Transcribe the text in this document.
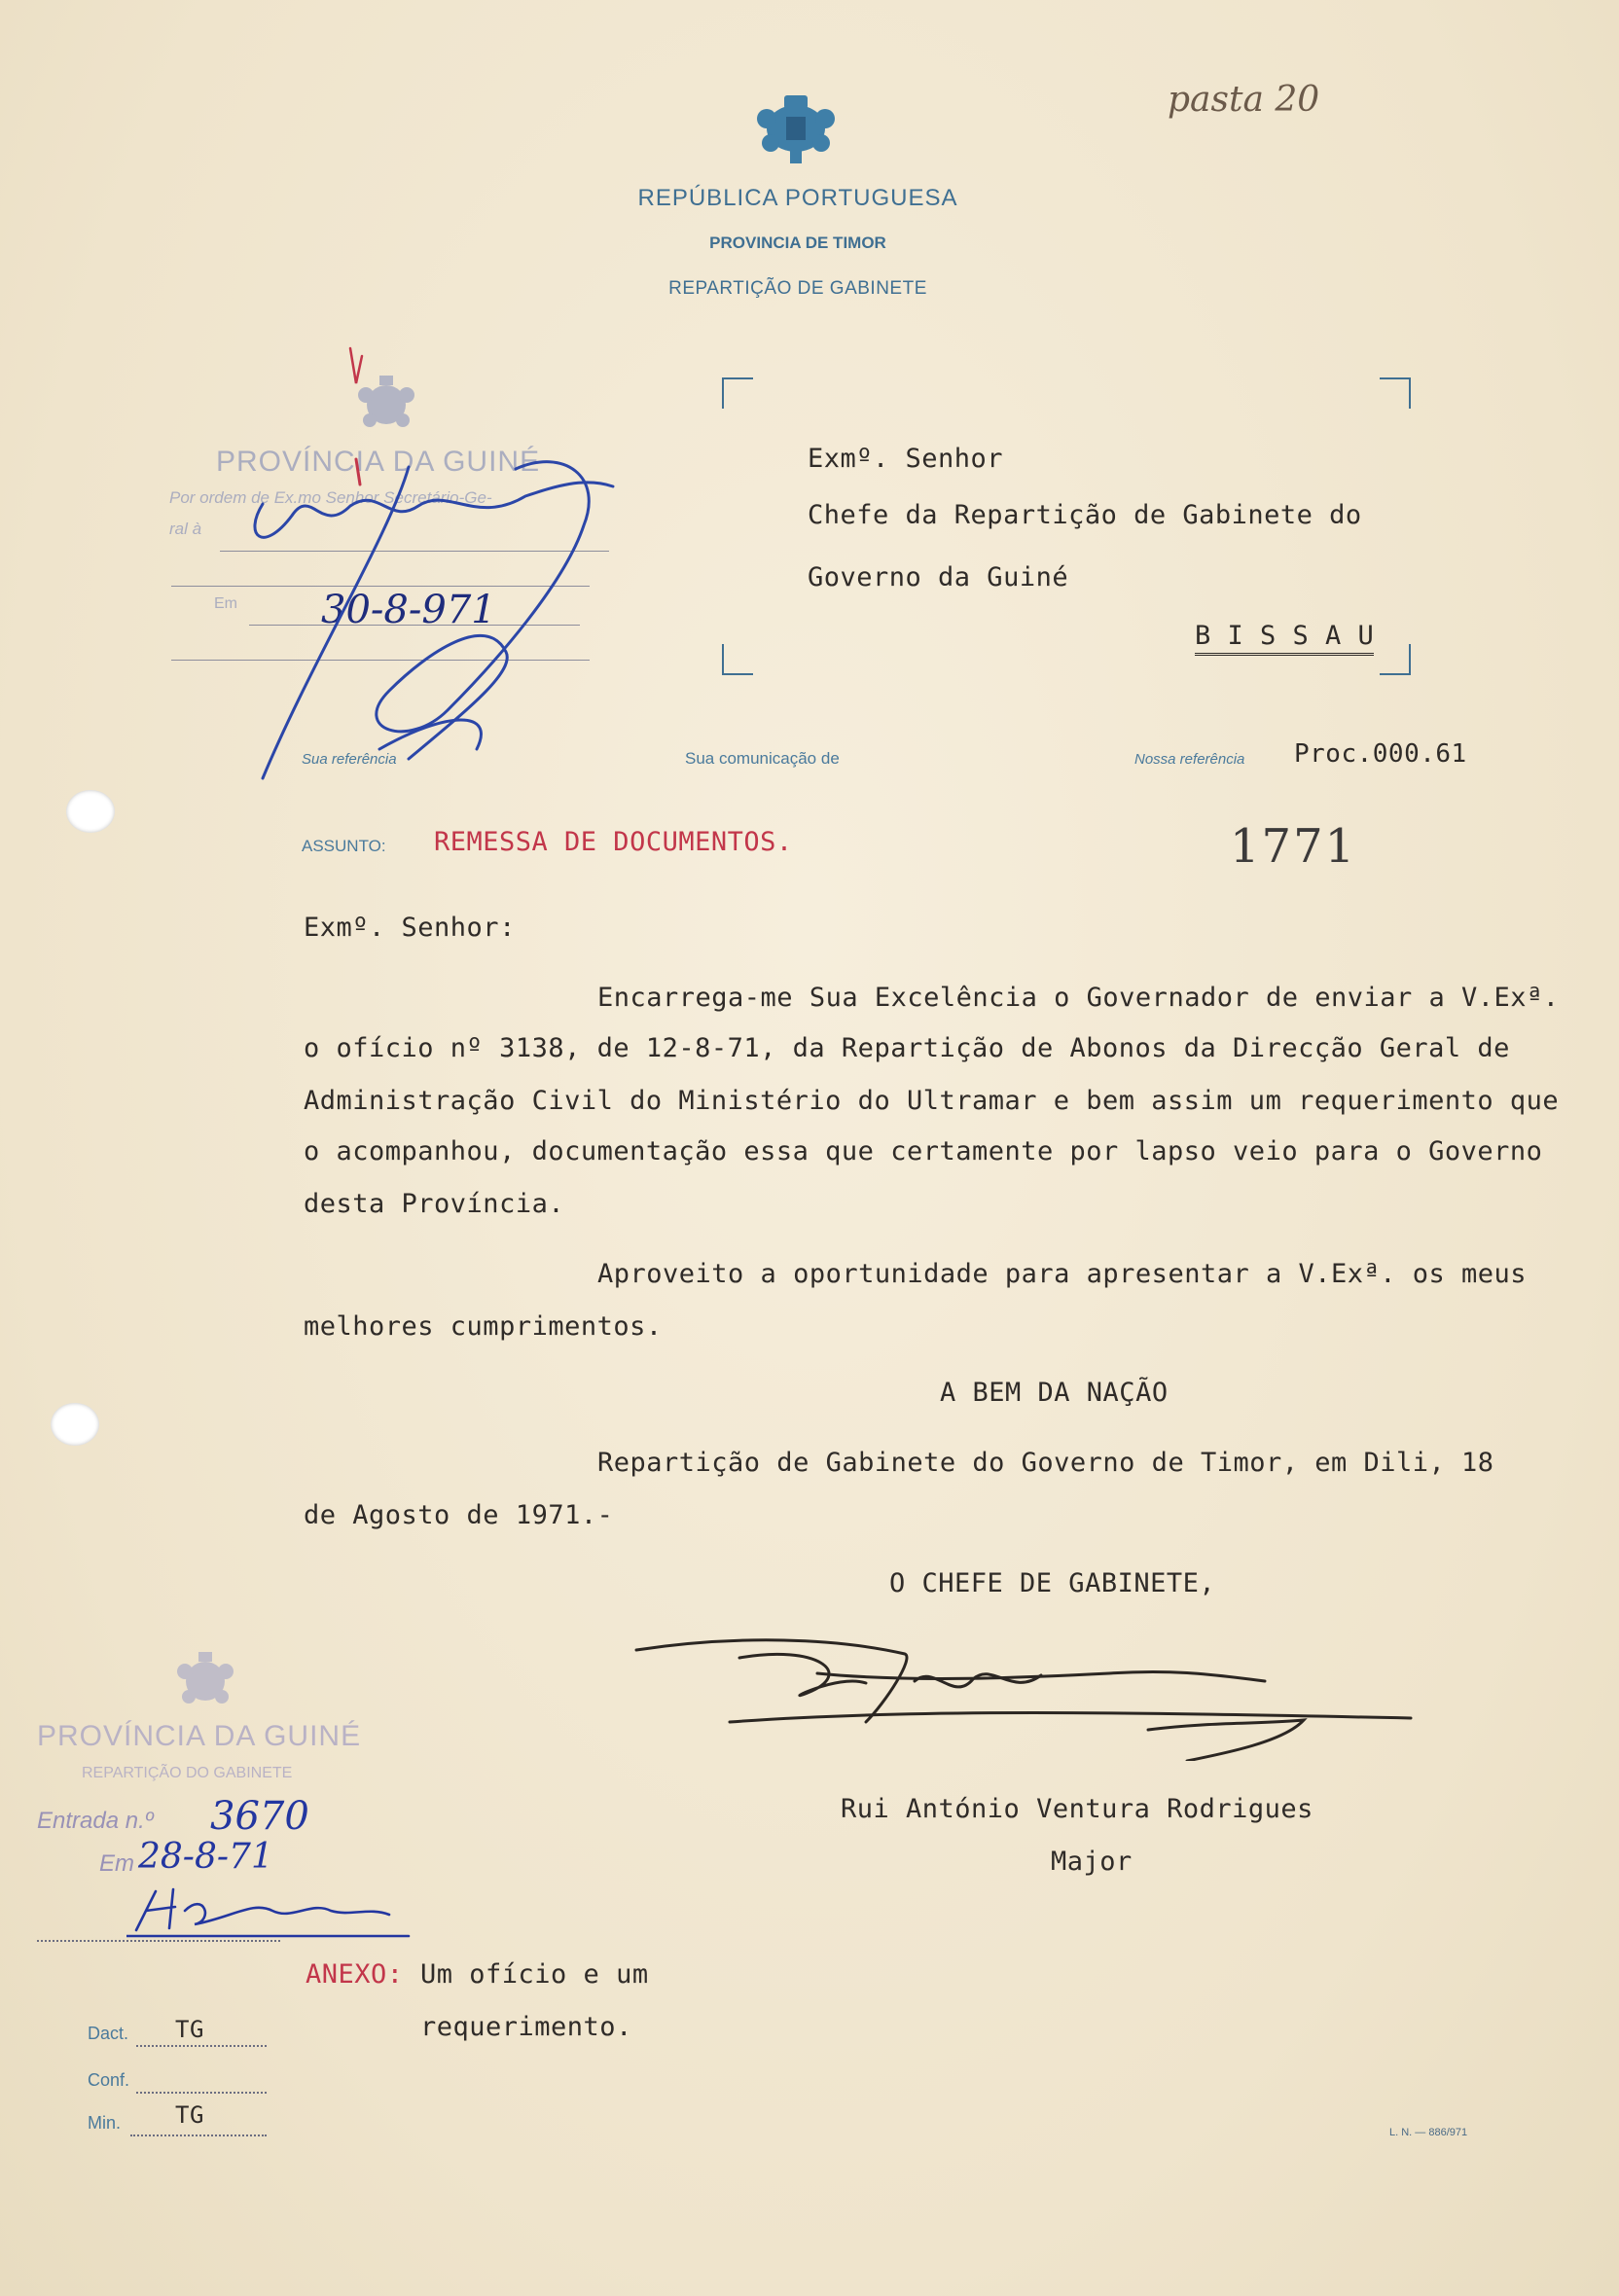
pasta 20
REPÚBLICA PORTUGUESA
PROVINCIA DE TIMOR
REPARTIÇÃO DE GABINETE
Exmº. Senhor
Chefe da Repartição de Gabinete do
Governo da Guiné
B I S S A U
PROVÍNCIA DA GUINÉ
Por ordem de Ex.mo Senhor Secretário-Ge-
ral à
Em 30-8-971
Sua referência	Sua comunicação de	Nossa referência Proc.000.61
ASSUNTO: REMESSA DE DOCUMENTOS.	1771
Exmº. Senhor:
Encarrega-me Sua Excelência o Governador de enviar a V.Exª.
o ofício nº 3138, de 12-8-71, da Repartição de Abonos da Direcção Geral de
Administração Civil do Ministério do Ultramar e bem assim um requerimento que
o acompanhou, documentação essa que certamente por lapso veio para o Governo
desta Província.
Aproveito a oportunidade para apresentar a V.Exª. os meus
melhores cumprimentos.
A BEM DA NAÇÃO
Repartição de Gabinete do Governo de Timor, em Dili, 18
de Agosto de 1971.-
O CHEFE DE GABINETE,
Rui António Ventura Rodrigues
Major
PROVÍNCIA DA GUINÉ
REPARTIÇÃO DO GABINETE
Entrada n.º 3670
Em 28-8-71
ANEXO: Um ofício e um
requerimento.
Dact. TG
Conf.
Min. TG
L. N. — 886/971
